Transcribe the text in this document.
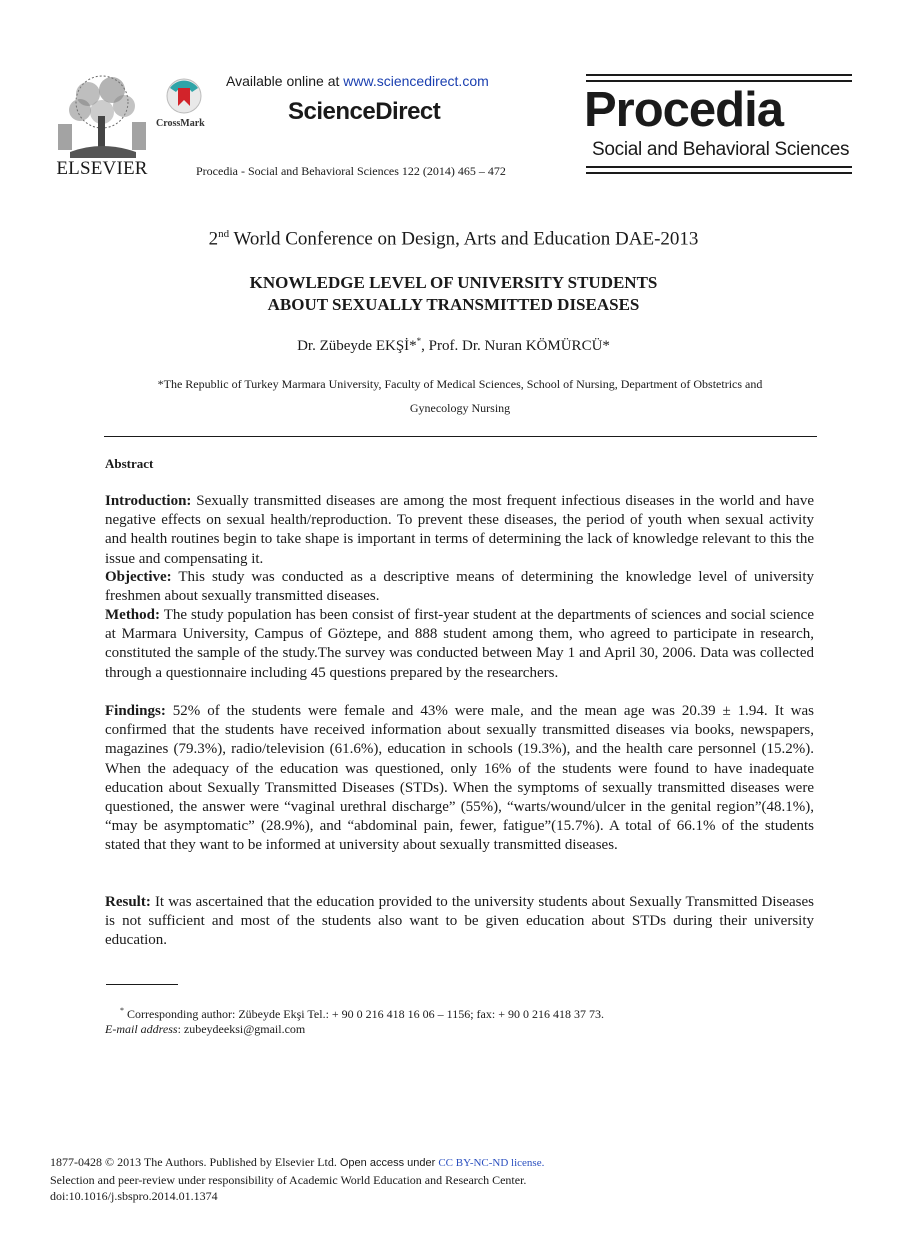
ELSEVIER
CrossMark
Available online at www.sciencedirect.com
ScienceDirect
Procedia - Social and Behavioral Sciences 122 (2014) 465 – 472
Procedia
Social and Behavioral Sciences
2nd World Conference on Design, Arts and Education DAE-2013
KNOWLEDGE LEVEL OF UNIVERSITY STUDENTS
ABOUT SEXUALLY TRANSMITTED DISEASES
Dr. Zübeyde EKŞİ**, Prof. Dr. Nuran KÖMÜRCÜ*
*The Republic of Turkey Marmara University, Faculty of Medical Sciences, School of Nursing, Department of Obstetrics and
Gynecology Nursing
Abstract
Introduction: Sexually transmitted diseases are among the most frequent infectious diseases in the world and have negative effects on sexual health/reproduction. To prevent these diseases, the period of youth when sexual activity and health routines begin to take shape is important in terms of determining the lack of knowledge relevant to this the issue and compensating it.
Objective: This study was conducted as a descriptive means of determining the knowledge level of university freshmen about sexually transmitted diseases.
Method: The study population has been consist of first-year student at the departments of sciences and social science at Marmara University, Campus of Göztepe, and 888 student among them, who agreed to participate in research, constituted the sample of the study.The survey was conducted between May 1 and April 30, 2006. Data was collected through a questionnaire including 45 questions prepared by the researchers.
Findings: 52% of the students were female and 43% were male, and the mean age was 20.39 ± 1.94. It was confirmed that the students have received information about sexually transmitted diseases via books, newspapers, magazines (79.3%), radio/television (61.6%), education in schools (19.3%), and the health care personnel (15.2%). When the adequacy of the education was questioned, only 16% of the students were found to have inadequate education about Sexually Transmitted Diseases (STDs). When the symptoms of sexually transmitted diseases were questioned, the answer were “vaginal urethral discharge” (55%), “warts/wound/ulcer in the genital region”(48.1%), “may be asymptomatic” (28.9%), and “abdominal pain, fewer, fatigue”(15.7%). A total of 66.1% of the students stated that they want to be informed at university about sexually transmitted diseases.
Result: It was ascertained that the education provided to the university students about Sexually Transmitted Diseases is not sufficient and most of the students also want to be given education about STDs during their university education.
* Corresponding author: Zübeyde Ekşi Tel.: + 90 0 216 418 16 06 – 1156; fax: + 90 0 216 418 37 73.
E-mail address: zubeydeeksi@gmail.com
1877-0428 © 2013 The Authors. Published by Elsevier Ltd. Open access under CC BY-NC-ND license.
Selection and peer-review under responsibility of Academic World Education and Research Center.
doi:10.1016/j.sbspro.2014.01.1374
